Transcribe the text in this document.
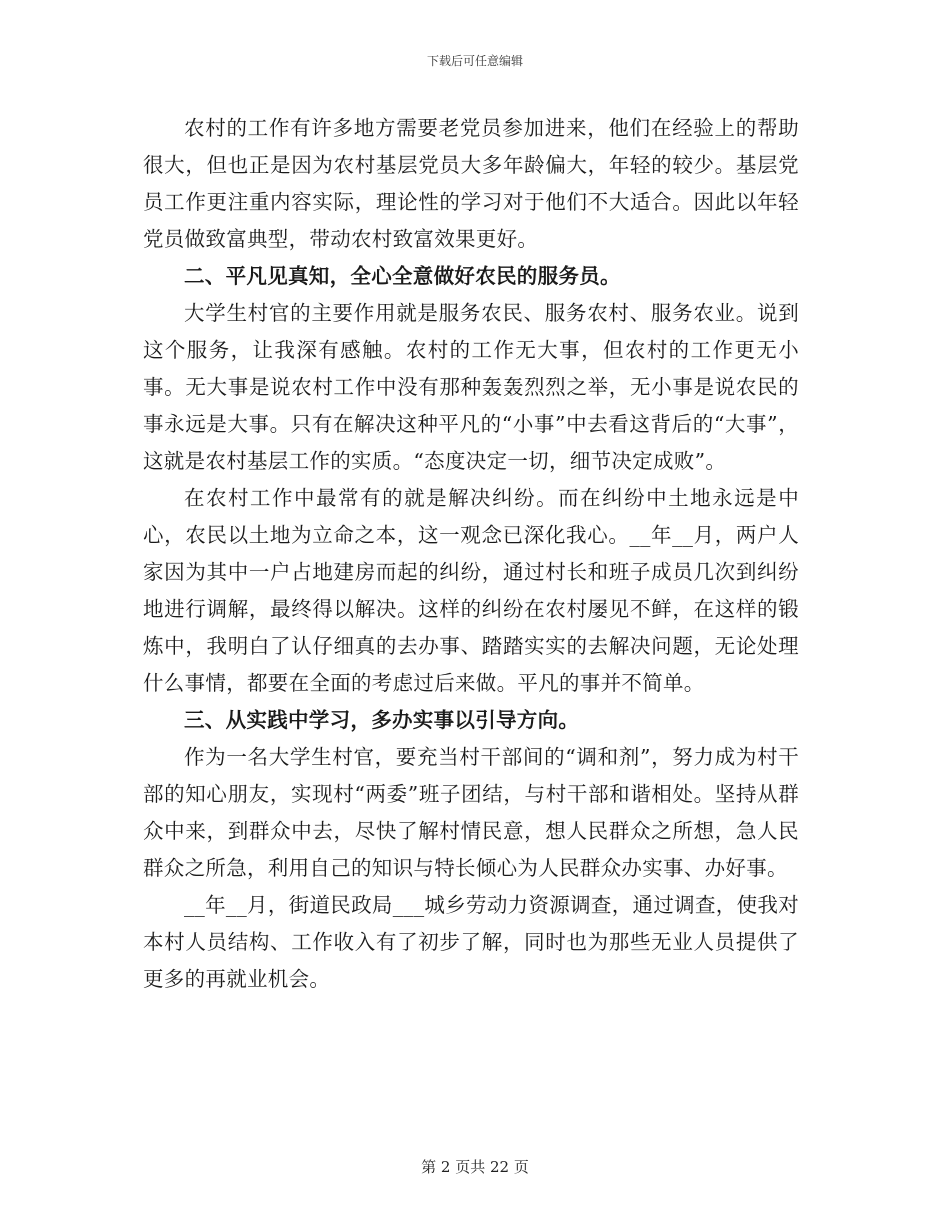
下载后可任意编辑

农村的工作有许多地方需要老党员参加进来，他们在经验上的帮助很大，但也正是因为农村基层党员大多年龄偏大，年轻的较少。基层党员工作更注重内容实际，理论性的学习对于他们不大适合。因此以年轻党员做致富典型，带动农村致富效果更好。

二、平凡见真知，全心全意做好农民的服务员。

大学生村官的主要作用就是服务农民、服务农村、服务农业。说到这个服务，让我深有感触。农村的工作无大事，但农村的工作更无小事。无大事是说农村工作中没有那种轰轰烈烈之举，无小事是说农民的事永远是大事。只有在解决这种平凡的“小事”中去看这背后的“大事”，这就是农村基层工作的实质。“态度决定一切，细节决定成败”。

在农村工作中最常有的就是解决纠纷。而在纠纷中土地永远是中心，农民以土地为立命之本，这一观念已深化我心。__年__月，两户人家因为其中一户占地建房而起的纠纷，通过村长和班子成员几次到纠纷地进行调解，最终得以解决。这样的纠纷在农村屡见不鲜，在这样的锻炼中，我明白了认仔细真的去办事、踏踏实实的去解决问题，无论处理什么事情，都要在全面的考虑过后来做。平凡的事并不简单。

三、从实践中学习，多办实事以引导方向。

作为一名大学生村官，要充当村干部间的“调和剂”，努力成为村干部的知心朋友，实现村“两委”班子团结，与村干部和谐相处。坚持从群众中来，到群众中去，尽快了解村情民意，想人民群众之所想，急人民群众之所急，利用自己的知识与特长倾心为人民群众办实事、办好事。

__年__月，街道民政局___城乡劳动力资源调查，通过调查，使我对本村人员结构、工作收入有了初步了解，同时也为那些无业人员提供了更多的再就业机会。

第 2 页共 22 页
